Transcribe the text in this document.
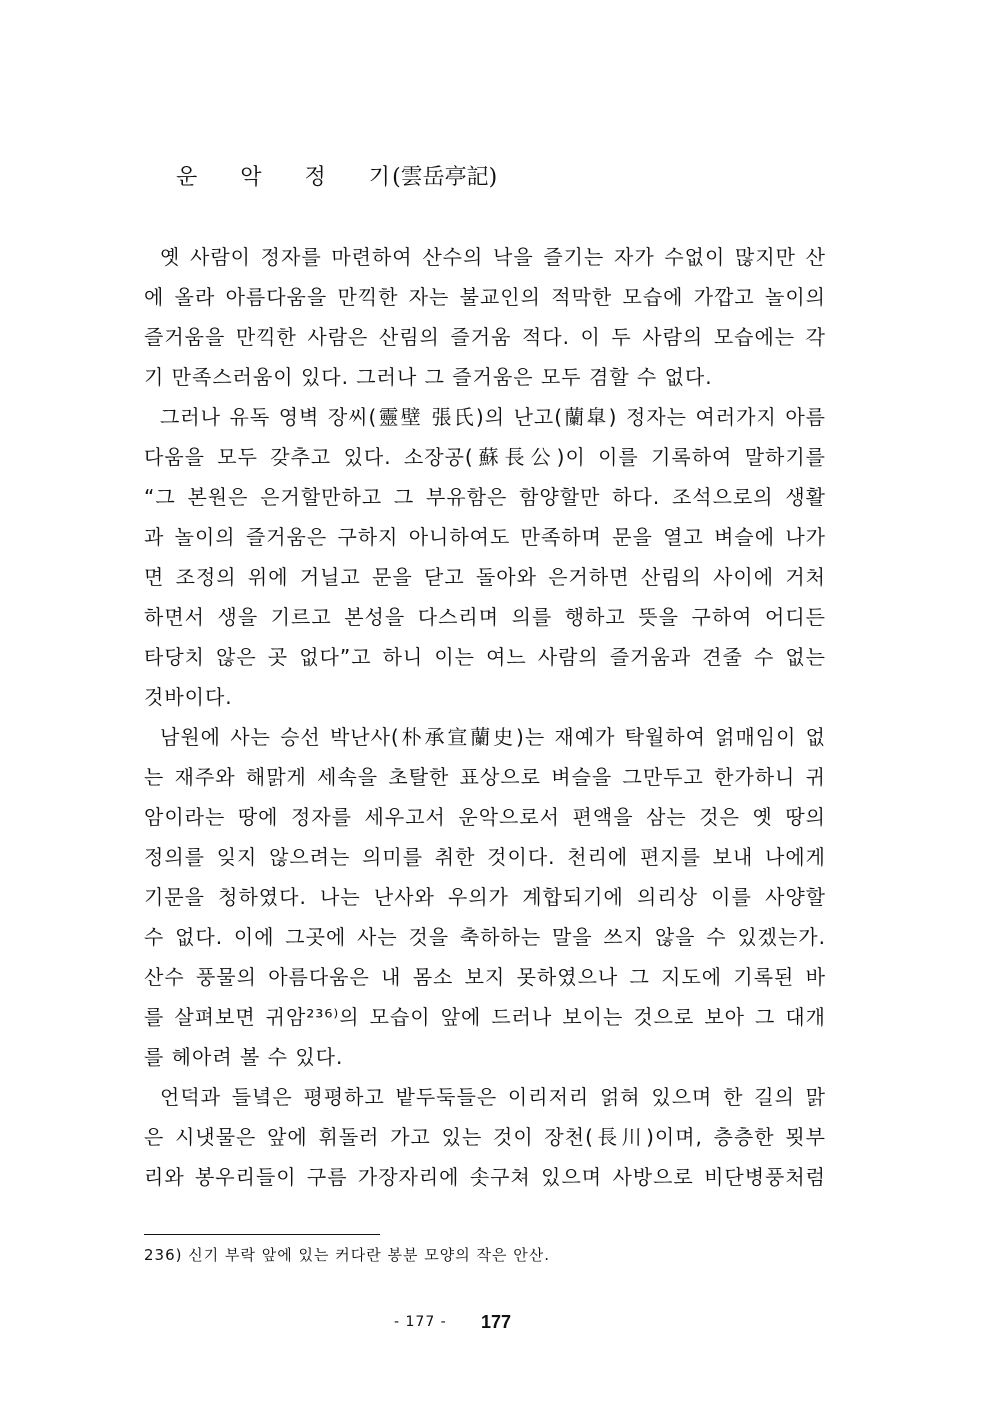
운 악 정 기(雲岳亭記)
옛 사람이 정자를 마련하여 산수의 낙을 즐기는 자가 수없이 많지만 산
에 올라 아름다움을 만끽한 자는 불교인의 적막한 모습에 가깝고 놀이의
즐거움을 만끽한 사람은 산림의 즐거움 적다. 이 두 사람의 모습에는 각
기 만족스러움이 있다. 그러나 그 즐거움은 모두 겸할 수 없다.
그러나 유독 영벽 장씨(靈壁 張氏)의 난고(蘭皐) 정자는 여러가지 아름
다움을 모두 갖추고 있다. 소장공(蘇長公)이 이를 기록하여 말하기를
“그 본원은 은거할만하고 그 부유함은 함양할만 하다. 조석으로의 생활
과 놀이의 즐거움은 구하지 아니하여도 만족하며 문을 열고 벼슬에 나가
면 조정의 위에 거닐고 문을 닫고 돌아와 은거하면 산림의 사이에 거처
하면서 생을 기르고 본성을 다스리며 의를 행하고 뜻을 구하여 어디든
타당치 않은 곳 없다”고 하니 이는 여느 사람의 즐거움과 견줄 수 없는
것바이다.
남원에 사는 승선 박난사(朴承宣蘭史)는 재예가 탁월하여 얽매임이 없
는 재주와 해맑게 세속을 초탈한 표상으로 벼슬을 그만두고 한가하니 귀
암이라는 땅에 정자를 세우고서 운악으로서 편액을 삼는 것은 옛 땅의
정의를 잊지 않으려는 의미를 취한 것이다. 천리에 편지를 보내 나에게
기문을 청하였다. 나는 난사와 우의가 계합되기에 의리상 이를 사양할
수 없다. 이에 그곳에 사는 것을 축하하는 말을 쓰지 않을 수 있겠는가.
산수 풍물의 아름다움은 내 몸소 보지 못하였으나 그 지도에 기록된 바
를 살펴보면 귀암²³⁶⁾의 모습이 앞에 드러나 보이는 것으로 보아 그 대개
를 헤아려 볼 수 있다.
언덕과 들녘은 평평하고 밭두둑들은 이리저리 얽혀 있으며 한 길의 맑
은 시냇물은 앞에 휘돌러 가고 있는 것이 장천(長川)이며, 층층한 묏부
리와 봉우리들이 구름 가장자리에 솟구쳐 있으며 사방으로 비단병풍처럼
236) 신기 부락 앞에 있는 커다란 봉분 모양의 작은 안산.
- 177 - 177
